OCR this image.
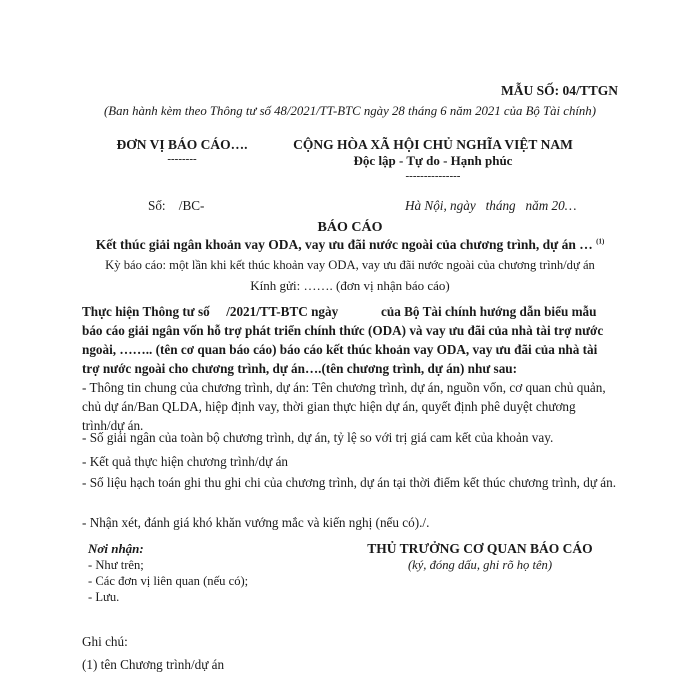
MẪU SỐ: 04/TTGN
(Ban hành kèm theo Thông tư số 48/2021/TT-BTC ngày 28 tháng 6 năm 2021 của Bộ Tài chính)
ĐƠN VỊ BÁO CÁO….
--------
CỘNG HÒA XÃ HỘI CHỦ NGHĨA VIỆT NAM
Độc lập - Tự do - Hạnh phúc
---------------
Số:    /BC-	Hà Nội, ngày   tháng   năm 20…
BÁO CÁO
Kết thúc giải ngân khoản vay ODA, vay ưu đãi nước ngoài của chương trình, dự án … $^{(1)}$
Kỳ báo cáo: một lần khi kết thúc khoản vay ODA, vay ưu đãi nước ngoài của chương trình/dự án
Kính gửi: ……. (đơn vị nhận báo cáo)
Thực hiện Thông tư số     /2021/TT-BTC ngày             của Bộ Tài chính hướng dẫn biểu mẫu báo cáo giải ngân vốn hỗ trợ phát triển chính thức (ODA) và vay ưu đãi của nhà tài trợ nước ngoài, …….. (tên cơ quan báo cáo) báo cáo kết thúc khoản vay ODA, vay ưu đãi của nhà tài trợ nước ngoài cho chương trình, dự án….(tên chương trình, dự án) như sau:
- Thông tin chung của chương trình, dự án: Tên chương trình, dự án, nguồn vốn, cơ quan chủ quản, chủ dự án/Ban QLDA, hiệp định vay, thời gian thực hiện dự án, quyết định phê duyệt chương trình/dự án.
- Số giải ngân của toàn bộ chương trình, dự án, tỷ lệ so với trị giá cam kết của khoản vay.
- Kết quả thực hiện chương trình/dự án
- Số liệu hạch toán ghi thu ghi chi của chương trình, dự án tại thời điểm kết thúc chương trình, dự án.
- Nhận xét, đánh giá khó khăn vướng mắc và kiến nghị (nếu có)./.
Nơi nhận:
- Như trên;
- Các đơn vị liên quan (nếu có);
- Lưu.
THỦ TRƯỞNG CƠ QUAN BÁO CÁO
(ký, đóng dấu, ghi rõ họ tên)
Ghi chú:
(1) tên Chương trình/dự án
